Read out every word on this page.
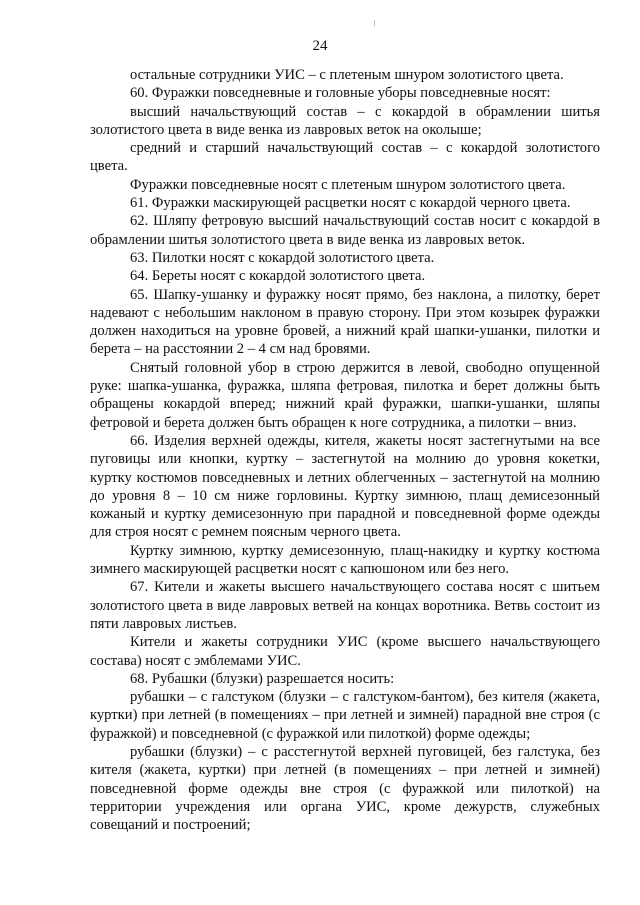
24

остальные сотрудники УИС – с плетеным шнуром золотистого цвета.

60. Фуражки повседневные и головные уборы повседневные носят:

высший начальствующий состав – с кокардой в обрамлении шитья золотистого цвета в виде венка из лавровых веток на околыше;

средний и старший начальствующий состав – с кокардой золотистого цвета.

Фуражки повседневные носят с плетеным шнуром золотистого цвета.

61. Фуражки маскирующей расцветки носят с кокардой черного цвета.

62. Шляпу фетровую высший начальствующий состав носит с кокардой в обрамлении шитья золотистого цвета в виде венка из лавровых веток.

63. Пилотки носят с кокардой золотистого цвета.

64. Береты носят с кокардой золотистого цвета.

65. Шапку-ушанку и фуражку носят прямо, без наклона, а пилотку, берет надевают с небольшим наклоном в правую сторону. При этом козырек фуражки должен находиться на уровне бровей, а нижний край шапки-ушанки, пилотки и берета – на расстоянии 2 – 4 см над бровями.

Снятый головной убор в строю держится в левой, свободно опущенной руке: шапка-ушанка, фуражка, шляпа фетровая, пилотка и берет должны быть обращены кокардой вперед; нижний край фуражки, шапки-ушанки, шляпы фетровой и берета должен быть обращен к ноге сотрудника, а пилотки – вниз.

66. Изделия верхней одежды, кителя, жакеты носят застегнутыми на все пуговицы или кнопки, куртку – застегнутой на молнию до уровня кокетки, куртку костюмов повседневных и летних облегченных – застегнутой на молнию до уровня 8 – 10 см ниже горловины. Куртку зимнюю, плащ демисезонный кожаный и куртку демисезонную при парадной и повседневной форме одежды для строя носят с ремнем поясным черного цвета.

Куртку зимнюю, куртку демисезонную, плащ-накидку и куртку костюма зимнего маскирующей расцветки носят с капюшоном или без него.

67. Кители и жакеты высшего начальствующего состава носят с шитьем золотистого цвета в виде лавровых ветвей на концах воротника. Ветвь состоит из пяти лавровых листьев.

Кители и жакеты сотрудники УИС (кроме высшего начальствующего состава) носят с эмблемами УИС.

68. Рубашки (блузки) разрешается носить:

рубашки – с галстуком (блузки – с галстуком-бантом), без кителя (жакета, куртки) при летней (в помещениях – при летней и зимней) парадной вне строя (с фуражкой) и повседневной (с фуражкой или пилоткой) форме одежды;

рубашки (блузки) – с расстегнутой верхней пуговицей, без галстука, без кителя (жакета, куртки) при летней (в помещениях – при летней и зимней) повседневной форме одежды вне строя (с фуражкой или пилоткой) на территории учреждения или органа УИС, кроме дежурств, служебных совещаний и построений;
